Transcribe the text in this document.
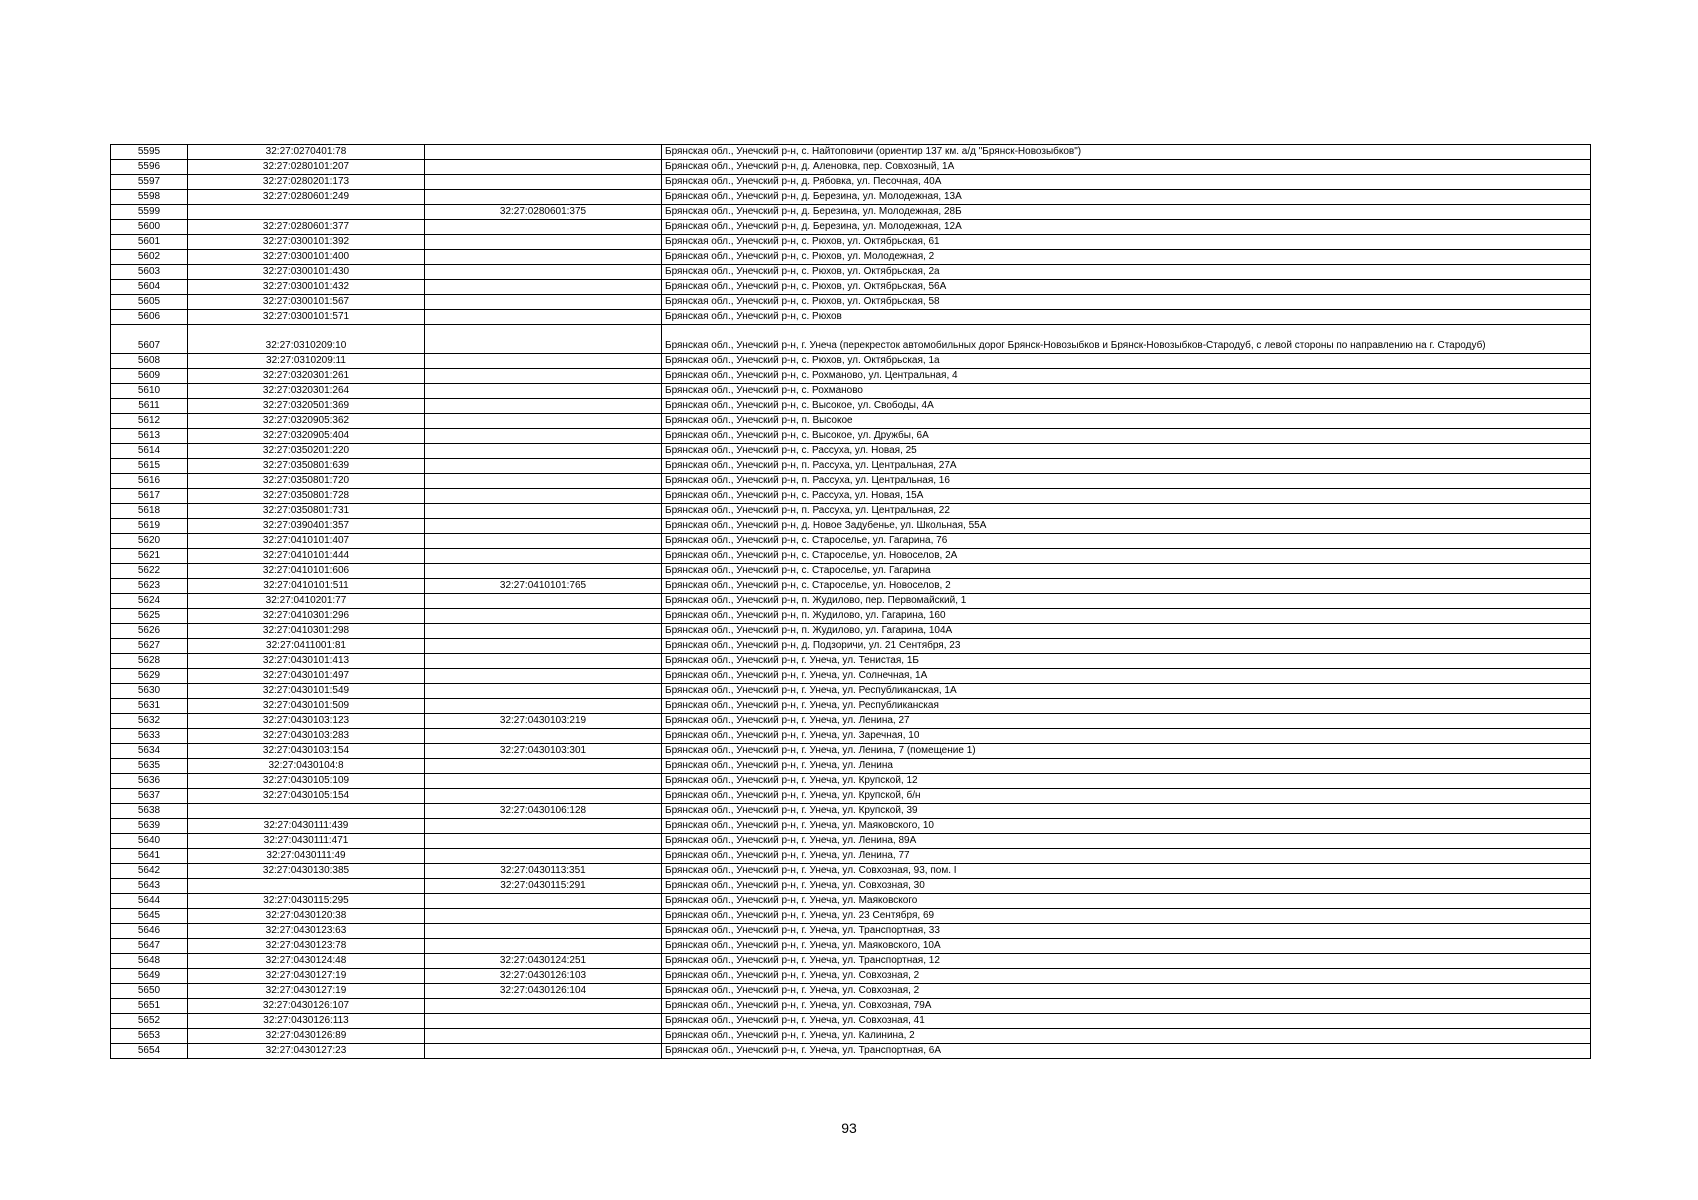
5595	32:27:0270401:78		Брянская обл., Унечский р-н, с. Найтоповичи (ориентир 137 км. а/д "Брянск-Новозыбков")
5596	32:27:0280101:207		Брянская обл., Унечский р-н, д. Аленовка, пер. Совхозный, 1А
5597	32:27:0280201:173		Брянская обл., Унечский р-н, д. Рябовка, ул. Песочная, 40А
5598	32:27:0280601:249		Брянская обл., Унечский р-н, д. Березина, ул. Молодежная, 13А
5599		32:27:0280601:375	Брянская обл., Унечский р-н, д. Березина, ул. Молодежная, 28Б
5600	32:27:0280601:377		Брянская обл., Унечский р-н, д. Березина, ул. Молодежная, 12А
5601	32:27:0300101:392		Брянская обл., Унечский р-н, с. Рюхов, ул. Октябрьская, 61
5602	32:27:0300101:400		Брянская обл., Унечский р-н, с. Рюхов, ул. Молодежная, 2
5603	32:27:0300101:430		Брянская обл., Унечский р-н, с. Рюхов, ул. Октябрьская, 2а
5604	32:27:0300101:432		Брянская обл., Унечский р-н, с. Рюхов, ул. Октябрьская, 56А
5605	32:27:0300101:567		Брянская обл., Унечский р-н, с. Рюхов, ул. Октябрьская, 58
5606	32:27:0300101:571		Брянская обл., Унечский р-н, с. Рюхов
5607	32:27:0310209:10		Брянская обл., Унечский р-н, г. Унеча (перекресток автомобильных дорог Брянск-Новозыбков и Брянск-Новозыбков-Стародуб, с левой стороны по направлению на г. Стародуб)
5608	32:27:0310209:11		Брянская обл., Унечский р-н, с. Рюхов, ул. Октябрьская, 1а
5609	32:27:0320301:261		Брянская обл., Унечский р-н, с. Рохманово, ул. Центральная, 4
5610	32:27:0320301:264		Брянская обл., Унечский р-н, с. Рохманово
5611	32:27:0320501:369		Брянская обл., Унечский р-н, с. Высокое, ул. Свободы, 4А
5612	32:27:0320905:362		Брянская обл., Унечский р-н, п. Высокое
5613	32:27:0320905:404		Брянская обл., Унечский р-н, с. Высокое, ул. Дружбы, 6А
5614	32:27:0350201:220		Брянская обл., Унечский р-н, с. Рассуха, ул. Новая, 25
5615	32:27:0350801:639		Брянская обл., Унечский р-н, п. Рассуха, ул. Центральная, 27А
5616	32:27:0350801:720		Брянская обл., Унечский р-н, п. Рассуха, ул. Центральная, 16
5617	32:27:0350801:728		Брянская обл., Унечский р-н, с. Рассуха, ул. Новая, 15А
5618	32:27:0350801:731		Брянская обл., Унечский р-н, п. Рассуха, ул. Центральная, 22
5619	32:27:0390401:357		Брянская обл., Унечский р-н, д. Новое Задубенье, ул. Школьная, 55А
5620	32:27:0410101:407		Брянская обл., Унечский р-н, с. Староселье, ул. Гагарина, 76
5621	32:27:0410101:444		Брянская обл., Унечский р-н, с. Староселье, ул. Новоселов, 2А
5622	32:27:0410101:606		Брянская обл., Унечский р-н, с. Староселье, ул. Гагарина
5623	32:27:0410101:511	32:27:0410101:765	Брянская обл., Унечский р-н, с. Староселье, ул. Новоселов, 2
5624	32:27:0410201:77		Брянская обл., Унечский р-н, п. Жудилово, пер. Первомайский, 1
5625	32:27:0410301:296		Брянская обл., Унечский р-н, п. Жудилово, ул. Гагарина, 160
5626	32:27:0410301:298		Брянская обл., Унечский р-н, п. Жудилово, ул. Гагарина, 104А
5627	32:27:0411001:81		Брянская обл., Унечский р-н, д. Подзоричи, ул. 21 Сентября, 23
5628	32:27:0430101:413		Брянская обл., Унечский р-н, г. Унеча, ул. Тенистая, 1Б
5629	32:27:0430101:497		Брянская обл., Унечский р-н, г. Унеча, ул. Солнечная, 1А
5630	32:27:0430101:549		Брянская обл., Унечский р-н, г. Унеча, ул. Республиканская, 1А
5631	32:27:0430101:509		Брянская обл., Унечский р-н, г. Унеча, ул. Республиканская
5632	32:27:0430103:123	32:27:0430103:219	Брянская обл., Унечский р-н, г. Унеча, ул. Ленина, 27
5633	32:27:0430103:283		Брянская обл., Унечский р-н, г. Унеча, ул. Заречная, 10
5634	32:27:0430103:154	32:27:0430103:301	Брянская обл., Унечский р-н, г. Унеча, ул. Ленина, 7 (помещение 1)
5635	32:27:0430104:8		Брянская обл., Унечский р-н, г. Унеча, ул. Ленина
5636	32:27:0430105:109		Брянская обл., Унечский р-н, г. Унеча, ул. Крупской, 12
5637	32:27:0430105:154		Брянская обл., Унечский р-н, г. Унеча, ул. Крупской, б/н
5638		32:27:0430106:128	Брянская обл., Унечский р-н, г. Унеча, ул. Крупской, 39
5639	32:27:0430111:439		Брянская обл., Унечский р-н, г. Унеча, ул. Маяковского, 10
5640	32:27:0430111:471		Брянская обл., Унечский р-н, г. Унеча, ул. Ленина, 89А
5641	32:27:0430111:49		Брянская обл., Унечский р-н, г. Унеча, ул. Ленина, 77
5642	32:27:0430130:385	32:27:0430113:351	Брянская обл., Унечский р-н, г. Унеча, ул. Совхозная, 93, пом. I
5643		32:27:0430115:291	Брянская обл., Унечский р-н, г. Унеча, ул. Совхозная, 30
5644	32:27:0430115:295		Брянская обл., Унечский р-н, г. Унеча, ул. Маяковского
5645	32:27:0430120:38		Брянская обл., Унечский р-н, г. Унеча, ул. 23 Сентября, 69
5646	32:27:0430123:63		Брянская обл., Унечский р-н, г. Унеча, ул. Транспортная, 33
5647	32:27:0430123:78		Брянская обл., Унечский р-н, г. Унеча, ул. Маяковского, 10А
5648	32:27:0430124:48	32:27:0430124:251	Брянская обл., Унечский р-н, г. Унеча, ул. Транспортная, 12
5649	32:27:0430127:19	32:27:0430126:103	Брянская обл., Унечский р-н, г. Унеча, ул. Совхозная, 2
5650	32:27:0430127:19	32:27:0430126:104	Брянская обл., Унечский р-н, г. Унеча, ул. Совхозная, 2
5651	32:27:0430126:107		Брянская обл., Унечский р-н, г. Унеча, ул. Совхозная, 79А
5652	32:27:0430126:113		Брянская обл., Унечский р-н, г. Унеча, ул. Совхозная, 41
5653	32:27:0430126:89		Брянская обл., Унечский р-н, г. Унеча, ул. Калинина, 2
5654	32:27:0430127:23		Брянская обл., Унечский р-н, г. Унеча, ул. Транспортная, 6А
93
